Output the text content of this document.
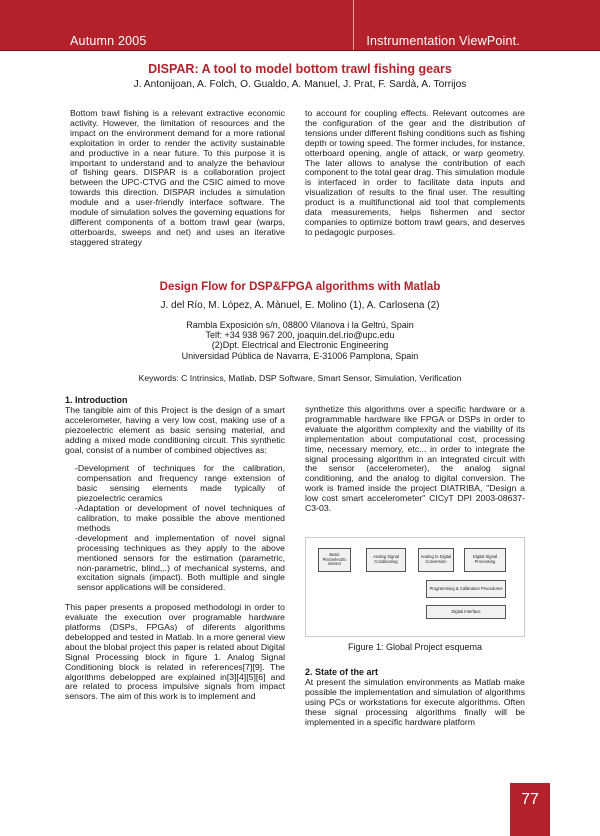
Autumn 2005	Instrumentation ViewPoint.
DISPAR: A tool to model bottom trawl fishing gears
J. Antonijoan, A. Folch, O. Gualdo, A. Manuel, J. Prat, F. Sardà, A. Torrijos

Bottom trawl fishing is a relevant extractive economic activity. However, the limitation of resources and the impact on the environment demand for a more rational exploitation in order to render the activity sustainable and productive in a near future. To this purpose it is important to understand and to analyze the behaviour of fishing gears. DISPAR is a collaboration project between the UPC-CTVG and the CSIC aimed to move towards this direction. DISPAR includes a simulation module and a user-friendly interface software. The module of simulation solves the governing equations for different components of a bottom trawl gear (warps, otterboards, sweeps and net) and uses an iterative staggered strategy

to account for coupling effects. Relevant outcomes are the configuration of the gear and the distribution of tensions under different fishing conditions such as fishing depth or towing speed. The former includes, for instance, otterboard opening, angle of attack, or warp geometry. The later allows to analyse the contribution of each component to the total gear drag. This simulation module is interfaced in order to facilitate data inputs and visualization of results to the final user. The resulting product is a multifunctional aid tool that complements data measurements, helps fishermen and sector companies to optimize bottom trawl gears, and deserves to pedagogic purposes.

Design Flow for DSP&FPGA algorithms with Matlab
J. del Río, M. López, A. Mànuel, E. Molino (1), A. Carlosena (2)
Rambla Exposición s/n, 08800 Vilanova i la Geltrú, Spain
Telf: +34 938 967 200, joaquin.del.rio@upc.edu
(2)Dpt. Electrical and Electronic Engineering
Universidad Pública de Navarra, E-31006 Pamplona, Spain
Keywords: C Intrinsics, Matlab, DSP Software, Smart Sensor, Simulation, Verification

1. Introduction

The tangible aim of this Project is the design of a smart accelerometer, having a very low cost, making use of a piezoelectric element as basic sensing material, and adding a mixed mode conditioning circuit. This synthetic goal, consist of a number of combined objectives as:

-Development of techniques for the calibration, compensation and frequency range extension of basic sensing elements made typically of piezoelectric ceramics

-Adaptation or development of novel techniques of calibration, to make possible the above mentioned methods

-development and implementation of novel signal processing techniques as they apply to the above mentioned sensors for the estimation (parametric, non-parametric, blind,..) of mechanical systems, and excitation signals (impact). Both multiple and single sensor applications will be considered.

This paper presents a proposed methodologi in order to evaluate the execution over programable hardware platforms (DSPs, FPGAs) of diferents algorithms debelopped and tested in Matlab. In a more general view about the blobal project this paper is related about Digital Signal Processing block in figure 1. Analog Signal Conditioning block is related in references[7][9]. The algorithms debelopped are explained in[3][4][5][6] and are related to process impulsive signals from impact sensors. The aim of this work is to implement and

synthetize this algorithms over a specific hardware or a programmable hardware like FPGA or DSPs in order to evaluate the algorithm complexity and the viability of its implementation about computational cost, processing time, necessary memory, etc... in order to integrate the signal processing algorithm in an integrated circuit with the sensor (accelerometer), the analog signal conditioning, and the analog to digital conversion. The work is framed inside the project DIATRIBA, "Design a low cost smart accelerometer" CICyT DPI 2003-08637-C3-03.

Basic Piezoelectric Sensor
Analog Signal Conditioning
Analog to Digital Conversion
Digital Signal Processing
Programming & Calibration Procedures
Digital Interface
Figure 1: Global Project esquema

2. State of the art

At present the simulation environments as Matlab make possible the implementation and simulation of algorithms using PCs or workstations for execute algorithms. Often these signal processing algorithms finally will be implemented in a specific hardware platform

77
